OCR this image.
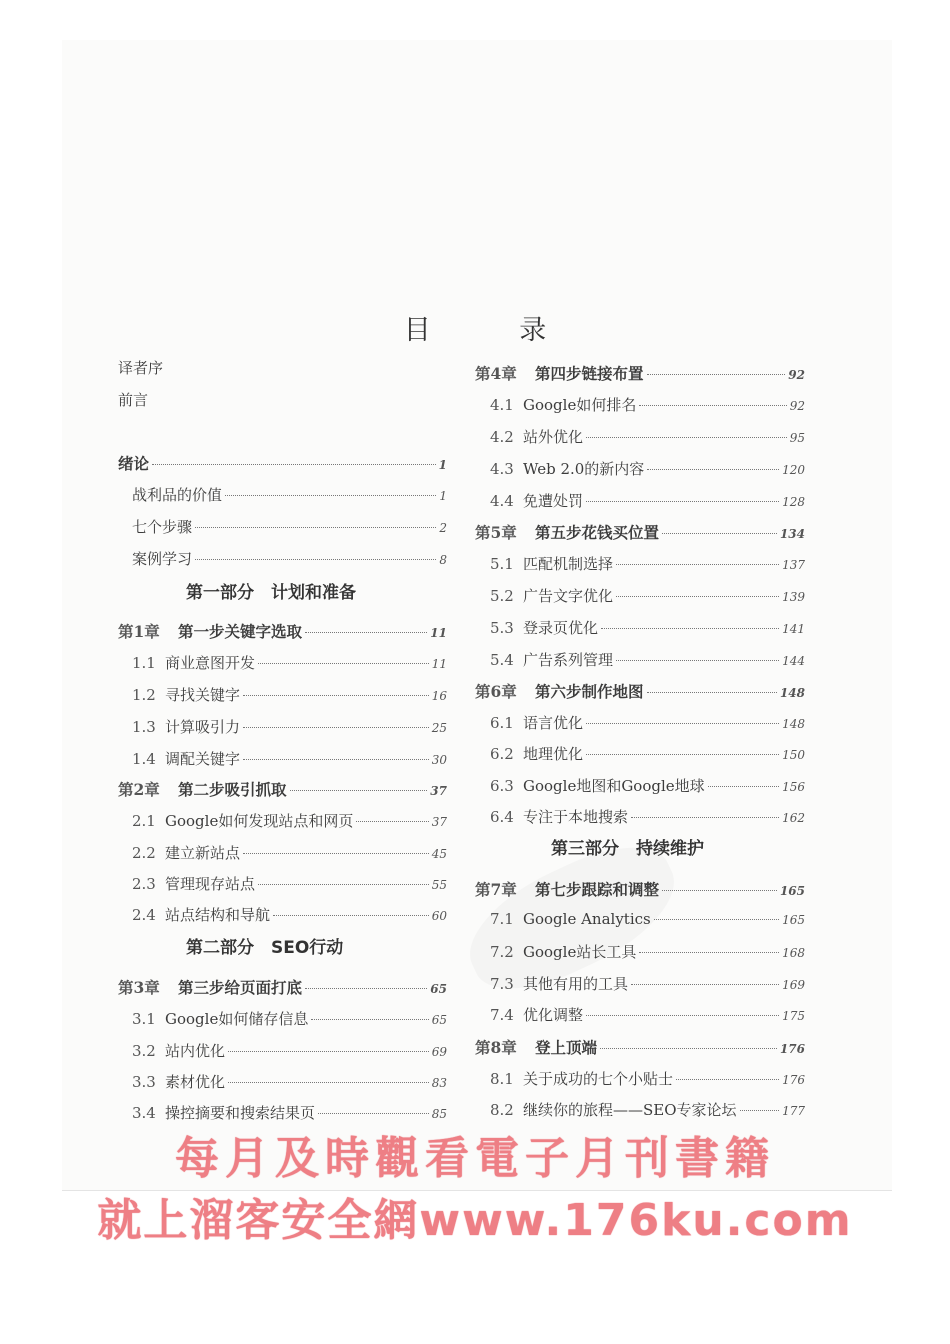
目 录
译者序
前言
绪论	1
战利品的价值	1
七个步骤	2
案例学习	8
第一部分　计划和准备
第1章	第一步关键字选取	11
1.1 商业意图开发	11
1.2 寻找关键字	16
1.3 计算吸引力	25
1.4 调配关键字	30
第2章	第二步吸引抓取	37
2.1 Google如何发现站点和网页	37
2.2 建立新站点	45
2.3 管理现存站点	55
2.4 站点结构和导航	60
第二部分　SEO行动
第3章	第三步给页面打底	65
3.1 Google如何储存信息	65
3.2 站内优化	69
3.3 素材优化	83
3.4 操控摘要和搜索结果页	85
第4章	第四步链接布置	92
4.1 Google如何排名	92
4.2 站外优化	95
4.3 Web 2.0的新内容	120
4.4 免遭处罚	128
第5章	第五步花钱买位置	134
5.1 匹配机制选择	137
5.2 广告文字优化	139
5.3 登录页优化	141
5.4 广告系列管理	144
第6章	第六步制作地图	148
6.1 语言优化	148
6.2 地理优化	150
6.3 Google地图和Google地球	156
6.4 专注于本地搜索	162
第三部分　持续维护
第7章	第七步跟踪和调整	165
7.1 Google Analytics	165
7.2 Google站长工具	168
7.3 其他有用的工具	169
7.4 优化调整	175
第8章	登上顶端	176
8.1 关于成功的七个小贴士	176
8.2 继续你的旅程——SEO专家论坛	177
每月及時觀看電子月刊書籍
就上溜客安全網www.176ku.com
